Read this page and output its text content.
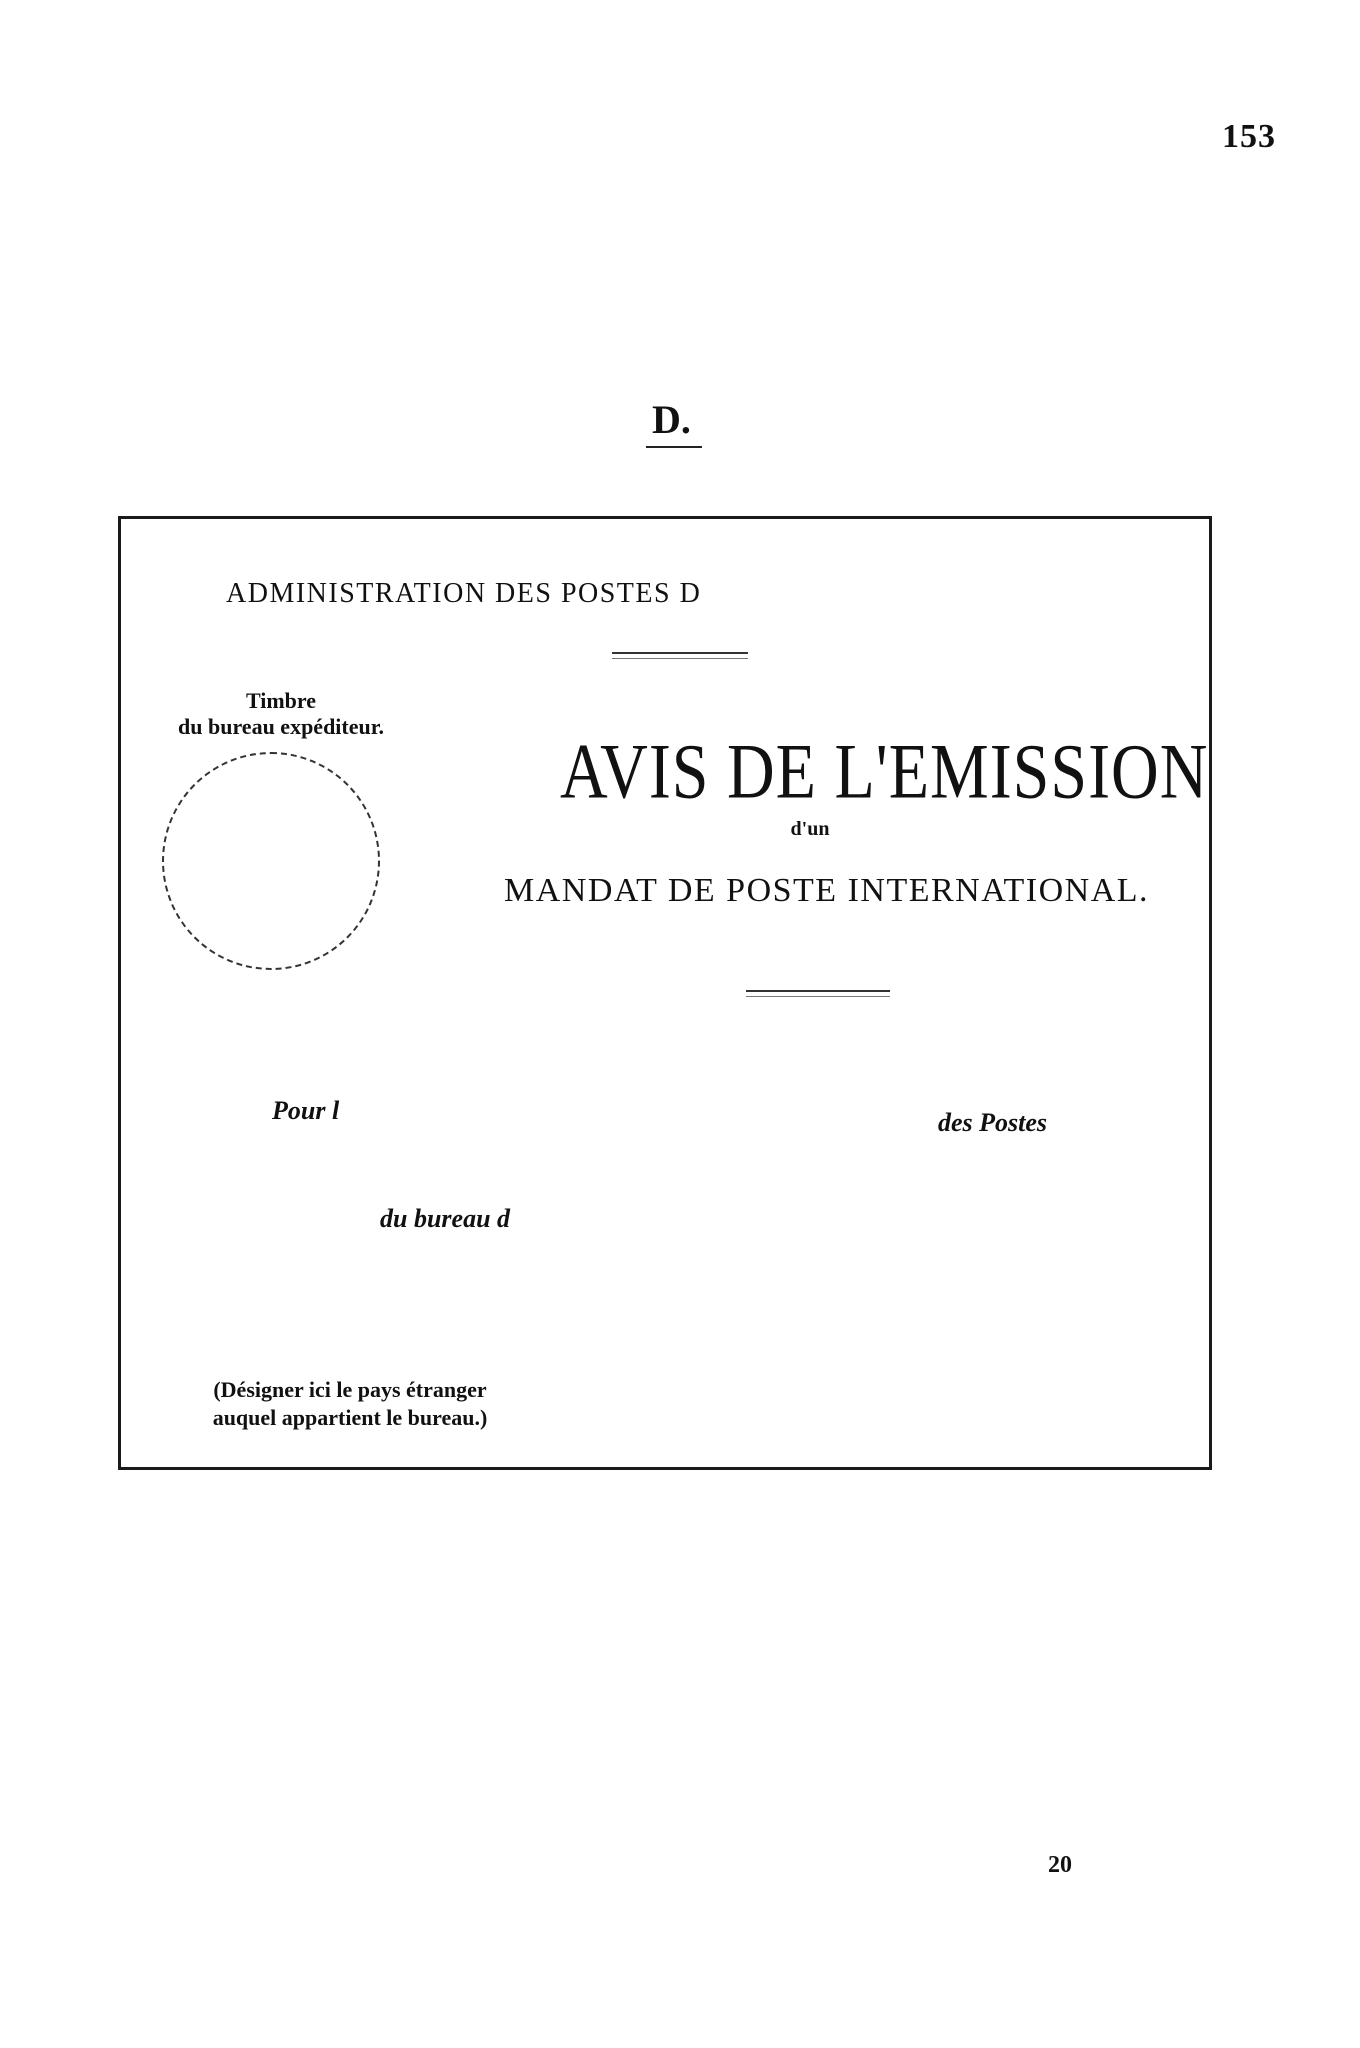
153
D.
ADMINISTRATION DES POSTES D
Timbre
du bureau expéditeur.
AVIS DE L'EMISSION
d'un
MANDAT DE POSTE INTERNATIONAL.
Pour l	des Postes
du bureau d
(Désigner ici le pays étranger
auquel appartient le bureau.)
20
